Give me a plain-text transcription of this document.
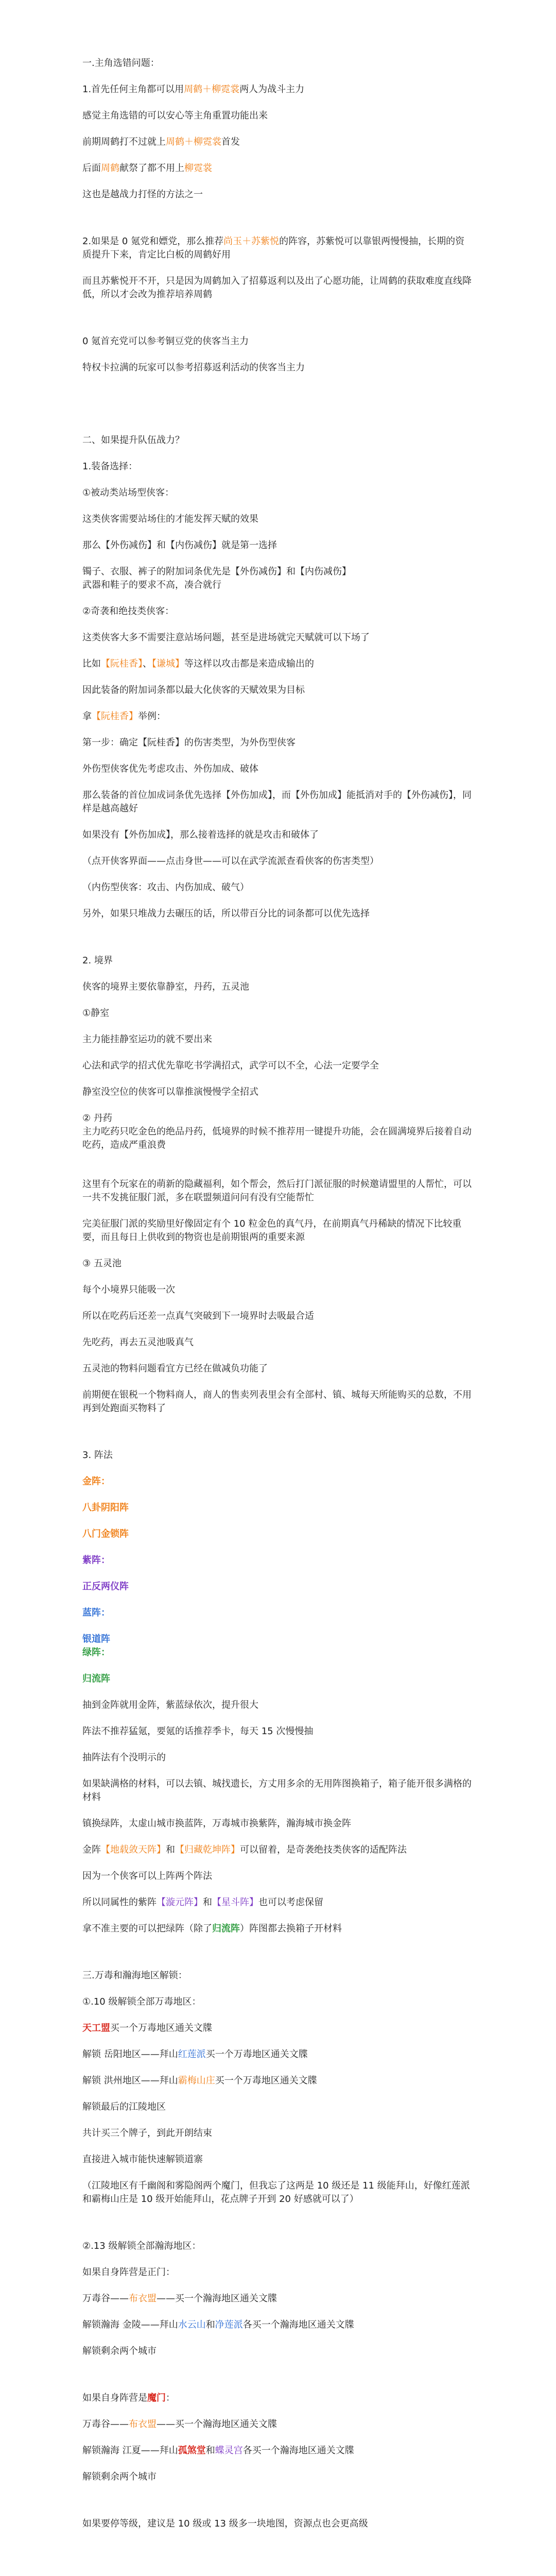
一.主角选错问题：

1.首先任何主角都可以用周鹤＋柳霓裳两人为战斗主力

感觉主角选错的可以安心等主角重置功能出来

前期周鹤打不过就上周鹤＋柳霓裳首发

后面周鹤献祭了都不用上柳霓裳

这也是越战力打怪的方法之一

2.如果是 0 氪党和嫖党，那么推荐尚玉＋苏紫悦的阵容，苏紫悦可以靠银两慢慢抽，长期的资质提升下来，肯定比白板的周鹤好用

而且苏紫悦开不开，只是因为周鹤加入了招募返利以及出了心愿功能，让周鹤的获取难度直线降低，所以才会改为推荐培养周鹤

0 氪首充党可以参考铜豆党的侠客当主力

特权卡拉满的玩家可以参考招募返利活动的侠客当主力

二、如果提升队伍战力？

1.装备选择：

①被动类站场型侠客：

这类侠客需要站场住的才能发挥天赋的效果

那么【外伤减伤】和【内伤减伤】就是第一选择

镯子、衣服、裤子的附加词条优先是【外伤减伤】和【内伤减伤】

武器和鞋子的要求不高，凑合就行

②奇袭和绝技类侠客：

这类侠客大多不需要注意站场问题，甚至是进场就完天赋就可以下场了

比如【阮桂香】、【谦城】等这样以攻击都是来造成输出的

因此装备的附加词条都以最大化侠客的天赋效果为目标

拿【阮桂香】举例：

第一步：确定【阮桂香】的伤害类型，为外伤型侠客

外伤型侠客优先考虑攻击、外伤加成、破体

那么装备的首位加成词条优先选择【外伤加成】，而【外伤加成】能抵消对手的【外伤减伤】，同样是越高越好

如果没有【外伤加成】，那么接着选择的就是攻击和破体了

（点开侠客界面——点击身世——可以在武学流派查看侠客的伤害类型）

（内伤型侠客：攻击、内伤加成、破气）

另外，如果只堆战力去碾压的话，所以带百分比的词条都可以优先选择

2. 境界

侠客的境界主要依靠静室，丹药，五灵池

①静室

主力能挂静室运功的就不要出来

心法和武学的招式优先靠吃书学满招式，武学可以不全，心法一定要学全

静室没空位的侠客可以靠推演慢慢学全招式

② 丹药

主力吃药只吃金色的绝品丹药，低境界的时候不推荐用一键提升功能，会在圆满境界后接着自动吃药，造成严重浪费

这里有个玩家在的萌新的隐藏福利，如个帮会，然后打门派征服的时候邀请盟里的人帮忙，可以一共不发挑征服门派，多在联盟频道问问有没有空能帮忙

完美征服门派的奖励里好像固定有个 10 粒金色的真气丹，在前期真气丹稀缺的情况下比较重要，而且每日上供收到的物资也是前期银两的重要来源

③ 五灵池

每个小境界只能吸一次

所以在吃药后还差一点真气突破到下一境界时去吸最合适

先吃药，再去五灵池吸真气

五灵池的物料问题看宜方已经在做减负功能了

前期便在银税一个物料商人，商人的售卖列表里会有全部村、镇、城每天所能购买的总数，不用再到处跑面买物料了

3. 阵法

金阵：

八卦阴阳阵

八门金锁阵

紫阵：

正反两仪阵

蓝阵：

银道阵

绿阵：

归流阵

抽到金阵就用金阵，紫蓝绿依次，提升很大

阵法不推荐猛氪，要氪的话推荐季卡，每天 15 次慢慢抽

抽阵法有个没明示的

如果缺满格的材料，可以去镇、城找遗长，方丈用多余的无用阵图换箱子，箱子能开很多满格的材料

镇换绿阵，太虚山城市换蓝阵，万毒城市换紫阵，瀚海城市换金阵

金阵【地载敛天阵】和【归藏乾坤阵】可以留着，是奇袭绝技类侠客的适配阵法

因为一个侠客可以上阵两个阵法

所以同属性的紫阵【漩元阵】和【星斗阵】也可以考虑保留

拿不准主要的可以把绿阵（除了归流阵）阵图都去换箱子开材料

三.万毒和瀚海地区解锁：

①.10 级解锁全部万毒地区：

天工盟买一个万毒地区通关文牒

解锁 岳阳地区——拜山红莲派买一个万毒地区通关文牒

解锁 洪州地区——拜山霸梅山庄买一个万毒地区通关文牒

解锁最后的江陵地区

共计买三个牌子，到此开朗结束

直接进入城市能快速解锁道寨

（江陵地区有千幽阁和雾隐阁两个魔门，但我忘了这两是 10 级还是 11 级能拜山，好像红莲派和霸梅山庄是 10 级开始能拜山，花点牌子开到 20 好感就可以了）

②.13 级解锁全部瀚海地区：

如果自身阵营是正门：

万毒谷——布衣盟——买一个瀚海地区通关文牒

解锁瀚海 金陵——拜山水云山和净莲派各买一个瀚海地区通关文牒

解锁剩余两个城市

如果自身阵营是魔门：

万毒谷——布衣盟——买一个瀚海地区通关文牒

解锁瀚海 江夏——拜山孤煞堂和蝶灵宫各买一个瀚海地区通关文牒

解锁剩余两个城市

如果要停等级，建议是 10 级或 13 级多一块地图，资源点也会更高级
